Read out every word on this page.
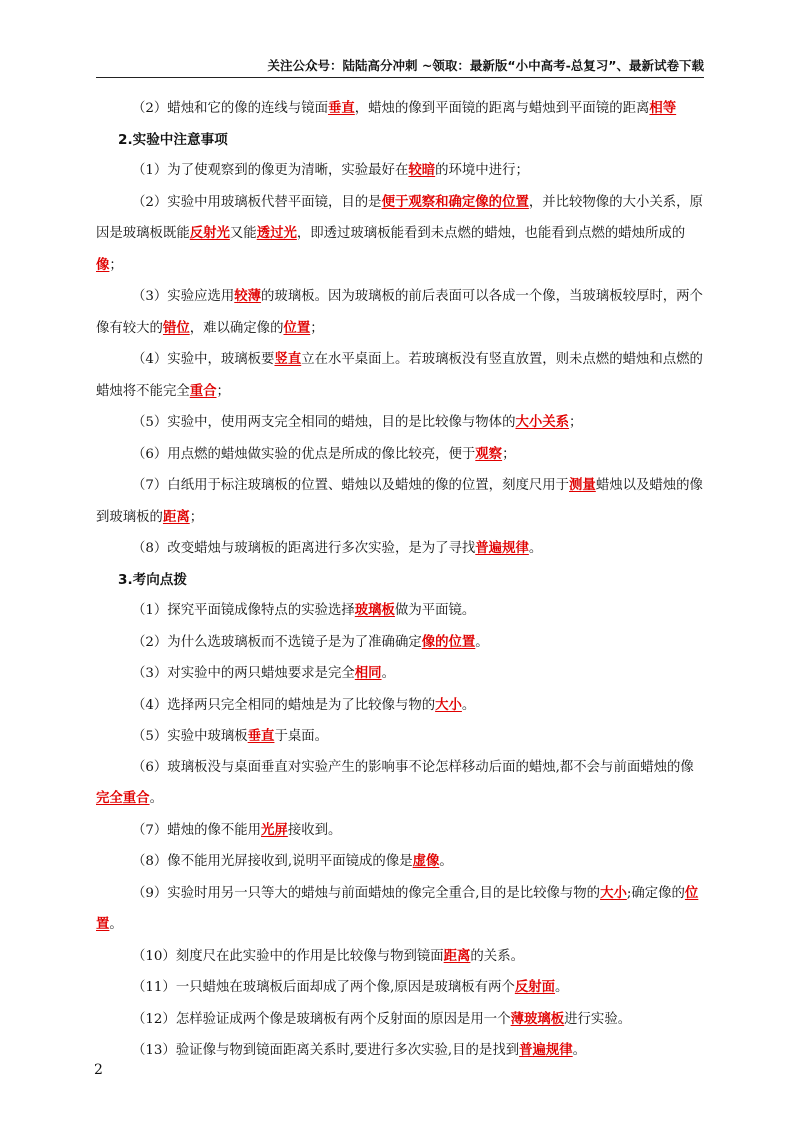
关注公众号：陆陆高分冲刺 ~领取：最新版“小中高考-总复习”、最新试卷下载

（2）蜡烛和它的像的连线与镜面垂直，蜡烛的像到平面镜的距离与蜡烛到平面镜的距离相等

2.实验中注意事项

（1）为了使观察到的像更为清晰，实验最好在较暗的环境中进行；

（2）实验中用玻璃板代替平面镜，目的是便于观察和确定像的位置，并比较物像的大小关系，原因是玻璃板既能反射光又能透过光，即透过玻璃板能看到未点燃的蜡烛，也能看到点燃的蜡烛所成的像；

（3）实验应选用较薄的玻璃板。因为玻璃板的前后表面可以各成一个像，当玻璃板较厚时，两个像有较大的错位，难以确定像的位置；

（4）实验中，玻璃板要竖直立在水平桌面上。若玻璃板没有竖直放置，则未点燃的蜡烛和点燃的蜡烛将不能完全重合；

（5）实验中，使用两支完全相同的蜡烛，目的是比较像与物体的大小关系；

（6）用点燃的蜡烛做实验的优点是所成的像比较亮，便于观察；

（7）白纸用于标注玻璃板的位置、蜡烛以及蜡烛的像的位置，刻度尺用于测量蜡烛以及蜡烛的像到玻璃板的距离；

（8）改变蜡烛与玻璃板的距离进行多次实验，是为了寻找普遍规律。

3.考向点拨

（1）探究平面镜成像特点的实验选择玻璃板做为平面镜。

（2）为什么选玻璃板而不选镜子是为了准确确定像的位置。

（3）对实验中的两只蜡烛要求是完全相同。

（4）选择两只完全相同的蜡烛是为了比较像与物的大小。

（5）实验中玻璃板垂直于桌面。

（6）玻璃板没与桌面垂直对实验产生的影响事不论怎样移动后面的蜡烛,都不会与前面蜡烛的像完全重合。

（7）蜡烛的像不能用光屏接收到。

（8）像不能用光屏接收到,说明平面镜成的像是虚像。

（9）实验时用另一只等大的蜡烛与前面蜡烛的像完全重合,目的是比较像与物的大小;确定像的位置。

（10）刻度尺在此实验中的作用是比较像与物到镜面距离的关系。

（11）一只蜡烛在玻璃板后面却成了两个像,原因是玻璃板有两个反射面。

（12）怎样验证成两个像是玻璃板有两个反射面的原因是用一个薄玻璃板进行实验。

（13）验证像与物到镜面距离关系时,要进行多次实验,目的是找到普遍规律。

2
